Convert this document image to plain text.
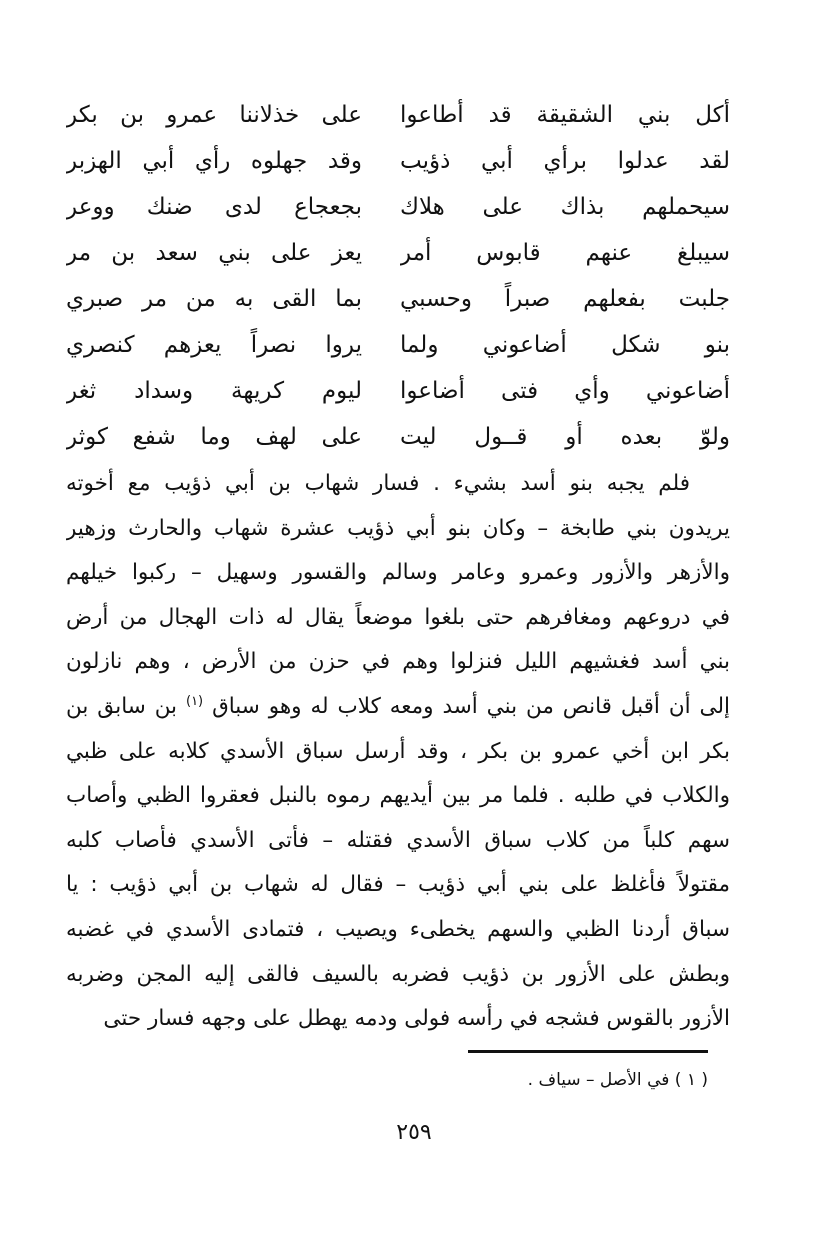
أكل بني الشقيقة قد أطاعوا
على خذلاننا عمرو بن بكر
لقد عدلوا برأي أبي ذؤيب
وقد جهلوه رأي أبي الهزبر
سيحملهم بذاك على هلاك
بجعجاع لدى ضنك ووعر
سيبلغ عنهم قابوس أمر
يعز على بني سعد بن مر
جلبت بفعلهم صبراً وحسبي
بما القى به من مر صبري
بنو شكل أضاعوني ولما
يروا نصراً يعزهم كنصري
أضاعوني وأي فتى أضاعوا
ليوم كريهة وسداد ثغر
ولوّ بعده أو قــول ليت
على لهف وما شفع كوثر
فلم يجبه بنو أسد بشيء . فسار شهاب بن أبي ذؤيب مع أخوته
يريدون بني طابخة – وكان بنو أبي ذؤيب عشرة شهاب والحارث وزهير
والأزهر والأزور وعمرو وعامر وسالم والقسور وسهيل – ركبوا خيلهم
في دروعهم ومغافرهم حتى بلغوا موضعاً يقال له ذات الهجال من أرض
بني أسد فغشيهم الليل فنزلوا وهم في حزن من الأرض ، وهم نازلون
إلى أن أقبل قانص من بني أسد ومعه كلاب له وهو سباق $^{(١)}$ بن سابق بن
بكر ابن أخي عمرو بن بكر ، وقد أرسل سباق الأسدي كلابه على ظبي
والكلاب في طلبه . فلما مر بين أيديهم رموه بالنبل فعقروا الظبي وأصاب
سهم كلباً من كلاب سباق الأسدي فقتله – فأتى الأسدي فأصاب كلبه
مقتولاً فأغلظ على بني أبي ذؤيب – فقال له شهاب بن أبي ذؤيب : يا
سباق أردنا الظبي والسهم يخطىء ويصيب ، فتمادى الأسدي في غضبه
وبطش على الأزور بن ذؤيب فضربه بالسيف فالقى إليه المجن وضربه
الأزور بالقوس فشجه في رأسه فولى ودمه يهطل على وجهه فسار حتى
( ١ ) في الأصل – سياف .
٢٥٩
